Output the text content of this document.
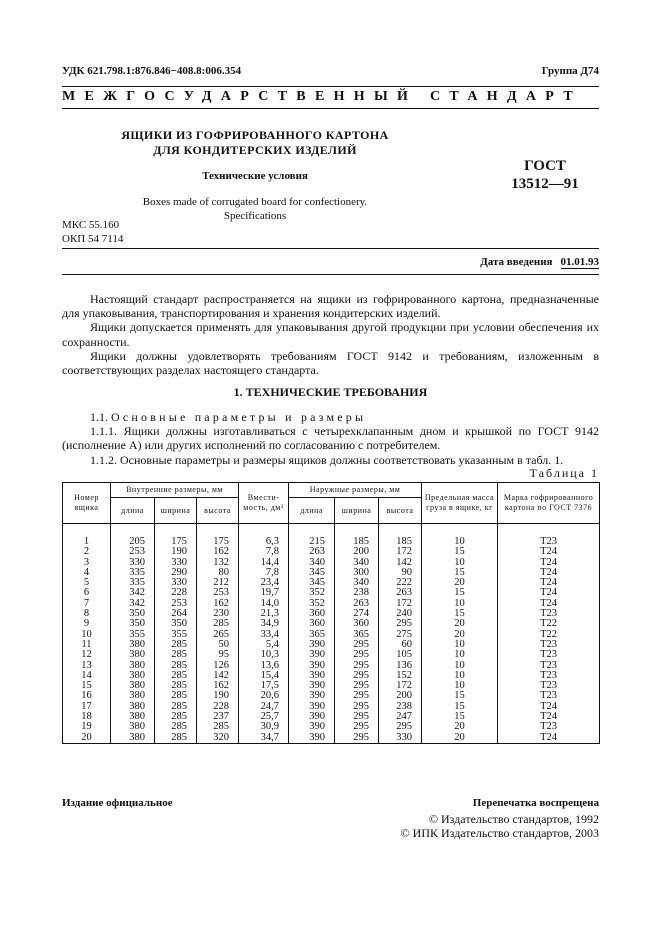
УДК 621.798.1:876.846−408.8:006.354	Группа Д74
МЕЖГОСУДАРСТВЕННЫЙ СТАНДАРТ
ЯЩИКИ ИЗ ГОФРИРОВАННОГО КАРТОНА
ДЛЯ КОНДИТЕРСКИХ ИЗДЕЛИЙ
ГОСТ
13512—91
Технические условия
Boxes made of corrugated board for confectionery.
Specifications
МКС 55.160
ОКП 54 7114
Дата введения 01.01.93
Настоящий стандарт распространяется на ящики из гофрированного картона, предназначенные для упаковывания, транспортирования и хранения кондитерских изделий.
Ящики допускается применять для упаковывания другой продукции при условии обеспечения их сохранности.
Ящики должны удовлетворять требованиям ГОСТ 9142 и требованиям, изложенным в соответствующих разделах настоящего стандарта.
1. ТЕХНИЧЕСКИЕ ТРЕБОВАНИЯ
1.1. Основные параметры и размеры
1.1.1. Ящики должны изготавливаться с четырехклапанным дном и крышкой по ГОСТ 9142 (исполнение А) или других исполнений по согласованию с потребителем.
1.1.2. Основные параметры и размеры ящиков должны соответствовать указанным в табл. 1.
Таблица 1
Номер ящика	Внутренние размеры, мм			Вмести-мость, дм³	Наружные размеры, мм			Предельная масса груза в ящике, кг	Марка гофрированного картона по ГОСТ 7376
	длина	ширина	высота		длина	ширина	высота		

1	205	175	175	6,3	215	185	185	10	Т23
2	253	190	162	7,8	263	200	172	15	Т24
3	330	330	132	14,4	340	340	142	10	Т24
4	335	290	80	7,8	345	300	90	15	Т24
5	335	330	212	23,4	345	340	222	20	Т24
6	342	228	253	19,7	352	238	263	15	Т24
7	342	253	162	14,0	352	263	172	10	Т24
8	350	264	230	21,3	360	274	240	15	Т23
9	350	350	285	34,9	360	360	295	20	Т22
10	355	355	265	33,4	365	365	275	20	Т22
11	380	285	50	5,4	390	295	60	10	Т23
12	380	285	95	10,3	390	295	105	10	Т23
13	380	285	126	13,6	390	295	136	10	Т23
14	380	285	142	15,4	390	295	152	10	Т23
15	380	285	162	17,5	390	295	172	10	Т23
16	380	285	190	20,6	390	295	200	15	Т23
17	380	285	228	24,7	390	295	238	15	Т24
18	380	285	237	25,7	390	295	247	15	Т24
19	380	285	285	30,9	390	295	295	20	Т23
20	380	285	320	34,7	390	295	330	20	Т24
Издание официальное	Перепечатка воспрещена
© Издательство стандартов, 1992
© ИПК Издательство стандартов, 2003
